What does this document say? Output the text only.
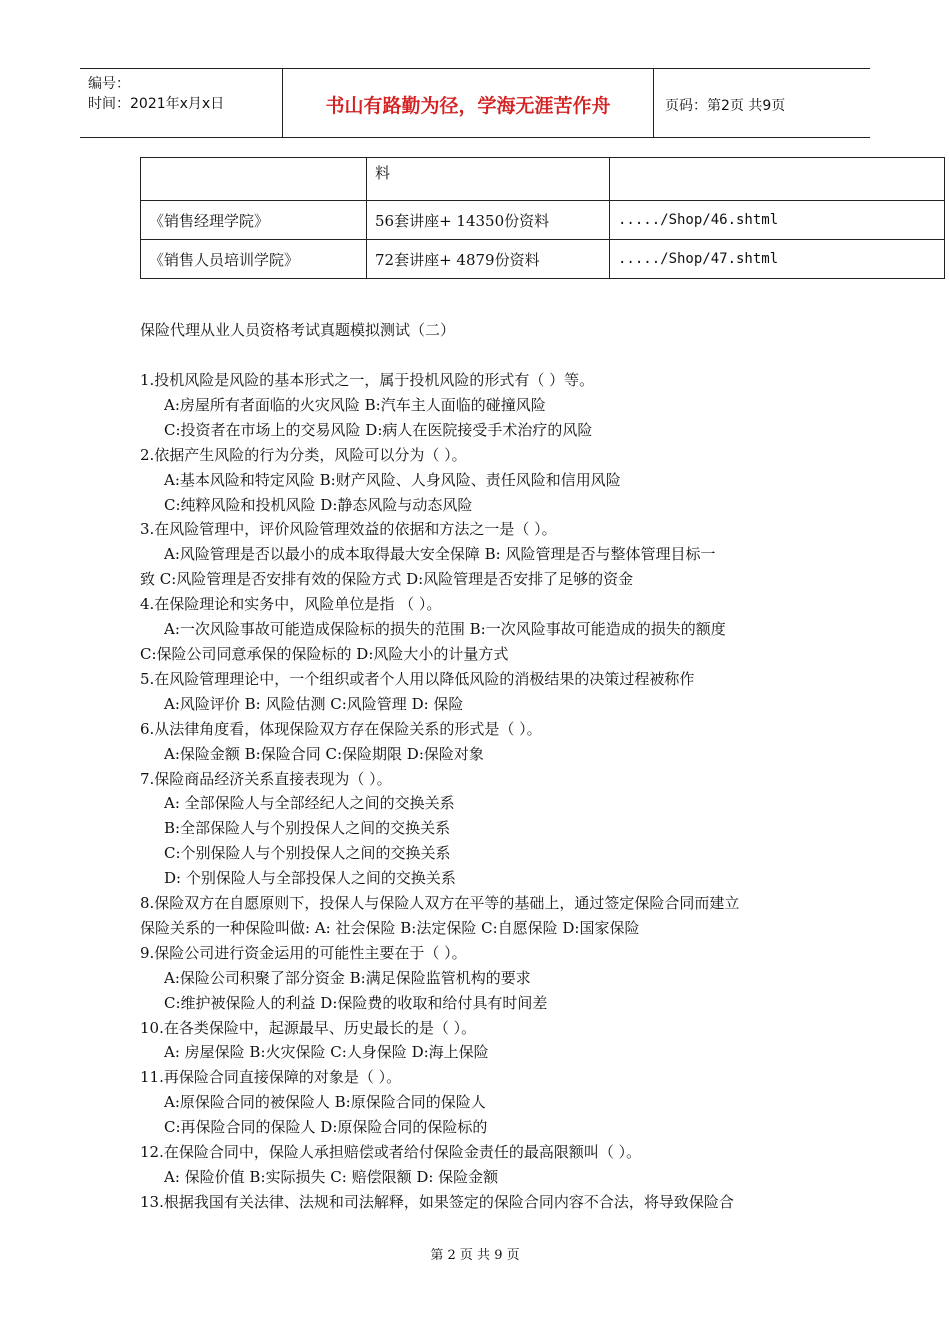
编号：
时间：2021年x月x日	书山有路勤为径，学海无涯苦作舟	页码：第2页 共9页
	料	
《销售经理学院》	56套讲座+ 14350份资料	...../Shop/46.shtml
《销售人员培训学院》	72套讲座+ 4879份资料	...../Shop/47.shtml
保险代理从业人员资格考试真题模拟测试（二）
1.投机风险是风险的基本形式之一，属于投机风险的形式有（ ）等。
A:房屋所有者面临的火灾风险 B:汽车主人面临的碰撞风险
C:投资者在市场上的交易风险 D:病人在医院接受手术治疗的风险
2.依据产生风险的行为分类，风险可以分为（ ）。
A:基本风险和特定风险 B:财产风险、人身风险、责任风险和信用风险
C:纯粹风险和投机风险 D:静态风险与动态风险
3.在风险管理中，评价风险管理效益的依据和方法之一是（ ）。
A:风险管理是否以最小的成本取得最大安全保障 B: 风险管理是否与整体管理目标一
致 C:风险管理是否安排有效的保险方式 D:风险管理是否安排了足够的资金
4.在保险理论和实务中，风险单位是指 （ ）。
A:一次风险事故可能造成保险标的损失的范围 B:一次风险事故可能造成的损失的额度
C:保险公司同意承保的保险标的 D:风险大小的计量方式
5.在风险管理理论中，一个组织或者个人用以降低风险的消极结果的决策过程被称作
A:风险评价 B: 风险估测 C:风险管理 D: 保险
6.从法律角度看，体现保险双方存在保险关系的形式是（ ）。
A:保险金额 B:保险合同 C:保险期限 D:保险对象
7.保险商品经济关系直接表现为（ ）。
A: 全部保险人与全部经纪人之间的交换关系
B:全部保险人与个别投保人之间的交换关系
C:个别保险人与个别投保人之间的交换关系
D: 个别保险人与全部投保人之间的交换关系
8.保险双方在自愿原则下，投保人与保险人双方在平等的基础上，通过签定保险合同而建立
保险关系的一种保险叫做: A: 社会保险 B:法定保险 C:自愿保险 D:国家保险
9.保险公司进行资金运用的可能性主要在于（ ）。
A:保险公司积聚了部分资金 B:满足保险监管机构的要求
C:维护被保险人的利益 D:保险费的收取和给付具有时间差
10.在各类保险中，起源最早、历史最长的是（ ）。
A: 房屋保险 B:火灾保险 C:人身保险 D:海上保险
11.再保险合同直接保障的对象是（ ）。
A:原保险合同的被保险人 B:原保险合同的保险人
C:再保险合同的保险人 D:原保险合同的保险标的
12.在保险合同中，保险人承担赔偿或者给付保险金责任的最高限额叫（ ）。
A: 保险价值 B:实际损失 C: 赔偿限额 D: 保险金额
13.根据我国有关法律、法规和司法解释，如果签定的保险合同内容不合法，将导致保险合
第 2 页 共 9 页
